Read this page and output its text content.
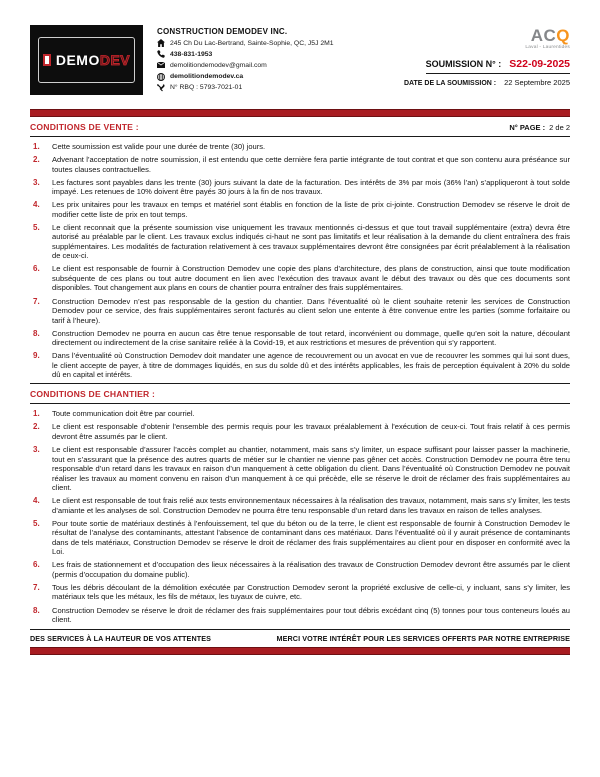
DEMODEV
CONSTRUCTION DEMODEV INC.
245 Ch Du Lac-Bertrand, Sainte-Sophie, QC, J5J 2M1
438-831-1953
demolitiondemodev@gmail.com
demolitiondemodev.ca
N° RBQ : 5793-7021-01
ACQ
Laval - Laurentides
SOUMISSION N° : S22-09-2025
DATE DE LA SOUMISSION : 22 Septembre 2025
CONDITIONS DE VENTE :	N° PAGE : 2 de 2
1.	Cette soumission est valide pour une durée de trente (30) jours.
2.	Advenant l’acceptation de notre soumission, il est entendu que cette dernière fera partie intégrante de tout contrat et que son contenu aura préséance sur toutes clauses contractuelles.
3.	Les factures sont payables dans les trente (30) jours suivant la date de la facturation. Des intérêts de 3% par mois (36% l’an) s’appliqueront à tout solde impayé. Les retenues de 10% doivent être payés 30 jours à la fin de nos travaux.
4.	Les prix unitaires pour les travaux en temps et matériel sont établis en fonction de la liste de prix ci-jointe. Construction Demodev se réserve le droit de modifier cette liste de prix en tout temps.
5.	Le client reconnait que la présente soumission vise uniquement les travaux mentionnés ci-dessus et que tout travail supplémentaire (extra) devra être autorisé au préalable par le client. Les travaux exclus indiqués ci-haut ne sont pas limitatifs et leur réalisation à la demande du client entraînera des frais supplémentaires. Les modalités de facturation relativement à ces travaux supplémentaires devront être consignées par écrit préalablement à la réalisation de ceux-ci.
6.	Le client est responsable de fournir à Construction Demodev une copie des plans d’architecture, des plans de construction, ainsi que toute modification subséquente de ces plans ou tout autre document en lien avec l’exécution des travaux avant le début des travaux ou dès que ces documents sont disponibles. Tout changement aux plans en cours de chantier pourra entraîner des frais supplémentaires.
7.	Construction Demodev n’est pas responsable de la gestion du chantier. Dans l’éventualité où le client souhaite retenir les services de Construction Demodev pour ce service, des frais supplémentaires seront facturés au client selon une entente à être convenue entre les parties (somme forfaitaire ou tarif à l’heure).
8.	Construction Demodev ne pourra en aucun cas être tenue responsable de tout retard, inconvénient ou dommage, quelle qu’en soit la nature, découlant directement ou indirectement de la crise sanitaire reliée à la Covid-19, et aux restrictions et mesures de prévention qui s’y rapportent.
9.	Dans l’éventualité où Construction Demodev doit mandater une agence de recouvrement ou un avocat en vue de recouvrer les sommes qui lui sont dues, le client accepte de payer, à titre de dommages liquidés, en sus du solde dû et des intérêts applicables, les frais de perception équivalent à 20% du solde dû en capital et intérêts.
CONDITIONS DE CHANTIER :
1.	Toute communication doit être par courriel.
2.	Le client est responsable d’obtenir l’ensemble des permis requis pour les travaux préalablement à l’exécution de ceux-ci. Tout frais relatif à ces permis devront être assumés par le client.
3.	Le client est responsable d’assurer l’accès complet au chantier, notamment, mais sans s’y limiter, un espace suffisant pour laisser passer la machinerie, tout en s’assurant que la présence des autres quarts de métier sur le chantier ne vienne pas gêner cet accès. Construction Demodev ne pourra être tenu responsable d’un retard dans les travaux en raison d’un manquement à cette obligation du client. Dans l’éventualité où Construction Demodev ne pouvait réaliser les travaux au moment convenu en raison d’un manquement à ce qui précède, elle se réserve le droit de réclamer des frais supplémentaires au client.
4.	Le client est responsable de tout frais relié aux tests environnementaux nécessaires à la réalisation des travaux, notamment, mais sans s’y limiter, les tests d’amiante et les analyses de sol. Construction Demodev ne pourra être tenu responsable d’un retard dans les travaux en raison de telles analyses.
5.	Pour toute sortie de matériaux destinés à l’enfouissement, tel que du béton ou de la terre, le client est responsable de fournir à Construction Demodev le résultat de l’analyse des contaminants, attestant l’absence de contaminant dans ces matériaux. Dans l’éventualité où il y aurait présence de contaminants dans de tels matériaux, Construction Demodev se réserve le droit de réclamer des frais supplémentaires au client pour en disposer en conformité avec la Loi.
6.	Les frais de stationnement et d’occupation des lieux nécessaires à la réalisation des travaux de Construction Demodev devront être assumés par le client (permis d’occupation du domaine public).
7.	Tous les débris découlant de la démolition exécutée par Construction Demodev seront la propriété exclusive de celle-ci, y incluant, sans s’y limiter, les matériaux tels que les métaux, les fils de métaux, les tuyaux de cuivre, etc.
8.	Construction Demodev se réserve le droit de réclamer des frais supplémentaires pour tout débris excédant cinq (5) tonnes pour tous conteneurs loués au client.
DES SERVICES À LA HAUTEUR DE VOS ATTENTES	MERCI VOTRE INTÉRÊT POUR LES SERVICES OFFERTS PAR NOTRE ENTREPRISE
